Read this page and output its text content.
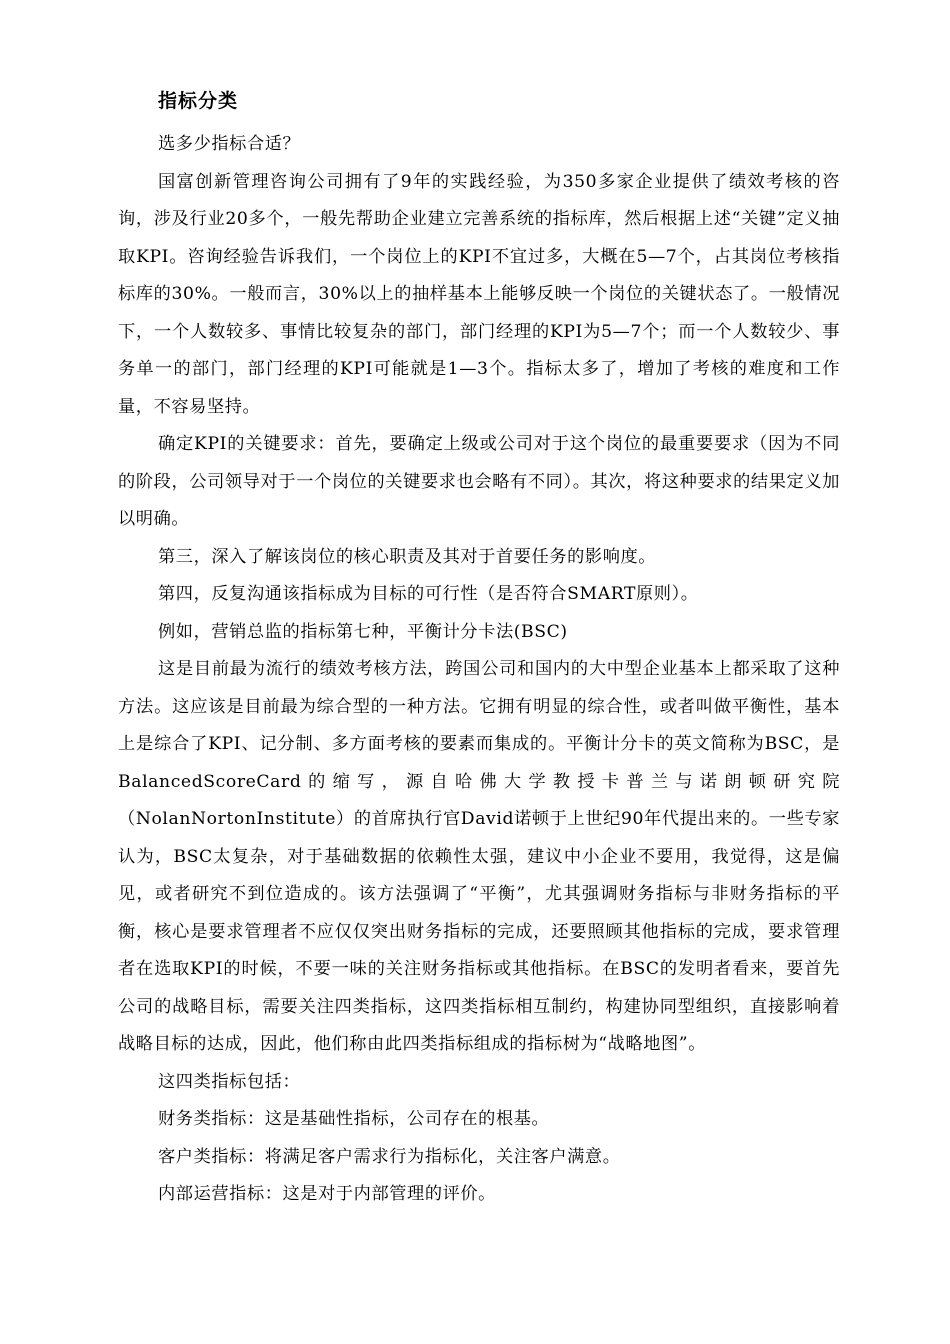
指标分类

选多少指标合适？

国富创新管理咨询公司拥有了9年的实践经验，为350多家企业提供了绩效考核的咨询，涉及行业20多个，一般先帮助企业建立完善系统的指标库，然后根据上述“关键”定义抽取KPI。咨询经验告诉我们，一个岗位上的KPI不宜过多，大概在5—7个，占其岗位考核指标库的30%。一般而言，30%以上的抽样基本上能够反映一个岗位的关键状态了。一般情况下，一个人数较多、事情比较复杂的部门，部门经理的KPI为5—7个；而一个人数较少、事务单一的部门，部门经理的KPI可能就是1—3个。指标太多了，增加了考核的难度和工作量，不容易坚持。

确定KPI的关键要求：首先，要确定上级或公司对于这个岗位的最重要要求（因为不同的阶段，公司领导对于一个岗位的关键要求也会略有不同）。其次，将这种要求的结果定义加以明确。

第三，深入了解该岗位的核心职责及其对于首要任务的影响度。

第四，反复沟通该指标成为目标的可行性（是否符合SMART原则）。

例如，营销总监的指标第七种，平衡计分卡法(BSC)

这是目前最为流行的绩效考核方法，跨国公司和国内的大中型企业基本上都采取了这种方法。这应该是目前最为综合型的一种方法。它拥有明显的综合性，或者叫做平衡性，基本上是综合了KPI、记分制、多方面考核的要素而集成的。平衡计分卡的英文简称为BSC，是BalancedScoreCard的缩写，源自哈佛大学教授卡普兰与诺朗顿研究院（NolanNortonInstitute）的首席执行官David诺顿于上世纪90年代提出来的。一些专家认为，BSC太复杂，对于基础数据的依赖性太强，建议中小企业不要用，我觉得，这是偏见，或者研究不到位造成的。该方法强调了“平衡”，尤其强调财务指标与非财务指标的平衡，核心是要求管理者不应仅仅突出财务指标的完成，还要照顾其他指标的完成，要求管理者在选取KPI的时候，不要一味的关注财务指标或其他指标。在BSC的发明者看来，要首先公司的战略目标，需要关注四类指标，这四类指标相互制约，构建协同型组织，直接影响着战略目标的达成，因此，他们称由此四类指标组成的指标树为“战略地图”。

这四类指标包括：

财务类指标：这是基础性指标，公司存在的根基。

客户类指标：将满足客户需求行为指标化，关注客户满意。

内部运营指标：这是对于内部管理的评价。
